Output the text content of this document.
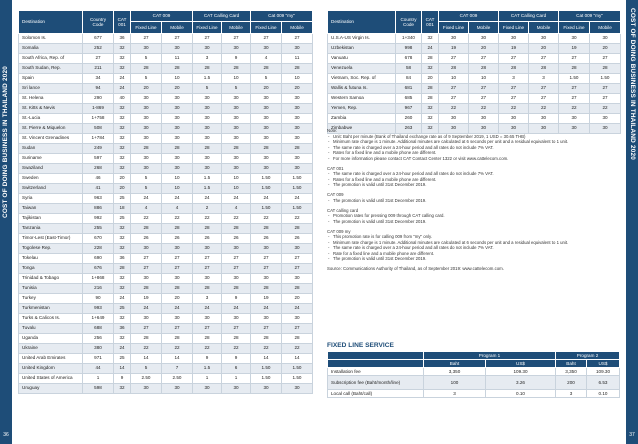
COST OF DOING BUSINESS IN THAILAND 2020
36
Destination	Country Code	CAT 001	CAT 009		CAT Calling Card		Cat 009 "my"	
			Fixed Line	Mobile	Fixed Line	Mobile	Fixed Line	Mobile
Solomon Is.	677	36	27	27	27	27	27	27
Somalia	252	32	30	30	30	30	30	30
South Africa, Rep. of	27	32	5	11	3	9	4	11
South Sudan, Rep.	211	32	28	28	28	28	28	28
Spain	34	24	5	10	1.5	10	5	10
Sri lance	94	24	20	20	5	5	20	20
St. Helena	290	40	30	30	30	30	30	30
St. Kitts & Nevis	1-869	32	30	30	30	30	30	30
St.-Lucia	1+758	32	30	30	30	30	30	30
St. Pierre & Miquelon	508	32	30	30	30	30	30	30
St. Vincent Grenadines	1+784	32	30	30	30	30	30	30
Sudan	249	32	28	28	28	28	28	28
Suriname	597	32	30	30	30	30	30	30
Swaziland	268	32	30	30	30	30	30	30
Sweden	46	20	5	10	1.5	10	1.50	1.50
Switzerland	41	20	5	10	1.5	10	1.50	1.50
Syria	963	25	24	24	24	24	24	24
Taiwan	886	18	4	4	2	4	1.50	1.50
Tajikistan	992	25	22	22	22	22	22	22
Tanzania	255	32	28	28	28	28	28	28
Timor-Lest (East-Timor)	670	32	26	26	26	26	26	26
Togolese Rep.	228	32	30	30	30	30	30	30
Tokelau	690	36	27	27	27	27	27	27
Tonga	676	28	27	27	27	27	27	27
Trinidad & Tobago	1+868	32	30	30	30	30	30	30
Tunisia	216	32	28	28	28	28	28	28
Turkey	90	24	19	20	3	9	19	20
Turkmenistan	993	25	24	24	24	24	24	24
Turks & Calicos Is.	1+649	32	30	30	30	30	30	30
Tuvalu	688	36	27	27	27	27	27	27
Uganda	256	32	28	28	28	28	28	28
Ukraine	380	24	22	22	22	22	22	22
United Arab Emirates	971	25	14	14	9	9	14	14
United Kingdom	44	14	5	7	1.5	6	1.50	1.50
United States of America	1	9	2.50	2.50	1	1	1.50	1.50
Uruguay	598	32	30	30	30	30	30	30
COST OF DOING BUSINESS IN THAILAND 2020
37
Destination	Country Code	CAT 001	CAT 009		CAT Calling Card		Cat 009 "my"	
			Fixed Line	Mobile	Fixed Line	Mobile	Fixed Line	Mobile
U.S.A-US Virgin Is.	1+340	32	30	30	30	30	30	30
Uzbekistan	998	24	19	20	19	20	19	20
Vanuatu	678	28	27	27	27	27	27	27
Venezuela	58	32	28	28	28	28	28	28
Vietnam, Soc. Rep. of	84	20	10	10	3	3	1.50	1.50
Wallis & futuna Is.	681	28	27	27	27	27	27	27
Western Samoa	685	28	27	27	27	27	27	27
Yemen, Rep.	967	32	22	22	22	22	22	22
Zambia	260	32	30	30	30	30	30	30
Zimbabwe	263	32	30	30	30	30	30	30
Note:
- Unit: Baht per minute (Bank of Thailand exchange rate as of 9 September 2019, 1 USD = 30.65 THB)
- Minimum rate charge is 1 minute. Additional minutes are calculated at 6 seconds per unit and a residual equivalent to 1 unit.
- The same rate is charged over a 24-hour period and all rates do not include 7% VAT.
- Rates for a fixed line and a mobile phone are different.
- For more information please contact CAT Contact Center 1322 or visit www.cattelecom.com.
CAT 001
- The same rate is charged over a 24-hour period and all rates do not include 7% VAT.
- Rates for a fixed line and a mobile phone are different.
- The promotion is valid until 31st December 2019.
CAT 009
- The promotion is valid until 31st December 2019.
CAT calling card
- Promotion rates for pressing 009 through CAT calling card.
- The promotion is valid until 31st December 2019.
CAT 009 my
- This promotion rate is for calling 009 from "my" only.
- Minimum rate charge is 1 minute. Additional minutes are calculated at 6 seconds per unit and a residual equivalent to 1 unit.
- The same rate is charged over a 24-hour period and all rates do not include 7% VAT.
- Rate for a fixed line and a mobile phone are different.
- The promotion is valid until 31st December 2019.
Source: Communications Authority of Thailand, as of September 2019: www.cattelecom.com.
FIXED LINE SERVICE
	Program 1		Program 2	
	Baht	US$	Baht	US$
Installation fee	3,350	109.30	3,350	109.30
Subscription fee (Baht/month/line)	100	3.26	200	6.53
Local call (Baht/call)	3	0.10	3	0.10
